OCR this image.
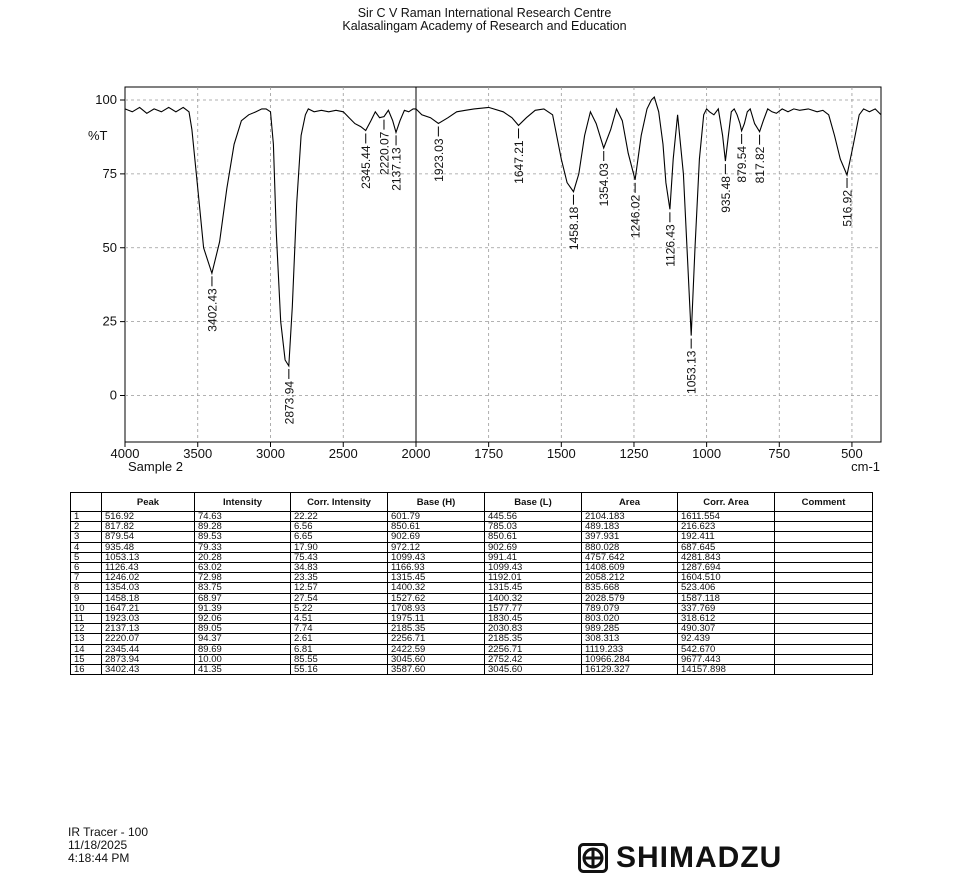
Sir C V Raman International Research Centre
Kalasalingam Academy of Research and Education
100
75
50
25
0
4000	3500	3000	2500	2000	1750	1500	1250	1000	750	500
%T
Sample 2	cm-1
3402.43
2873.94
2345.44 2220.07
2137.13 1923.03	1647.21
1458.18
1354.03
1246.02
1126.43
1053.13
935.48
879.54 817.82
516.92
	Peak	Intensity	Corr. Intensity	Base (H)	Base (L)	Area	Corr. Area	Comment
1	516.92	74.63	22.22	601.79	445.56	2104.183	1611.554	
2	817.82	89.28	6.56	850.61	785.03	489.183	216.623	
3	879.54	89.53	6.65	902.69	850.61	397.931	192.411	
4	935.48	79.33	17.90	972.12	902.69	880.028	687.645	
5	1053.13	20.28	75.43	1099.43	991.41	4757.642	4281.843	
6	1126.43	63.02	34.83	1166.93	1099.43	1408.609	1287.694	
7	1246.02	72.98	23.35	1315.45	1192.01	2058.212	1604.510	
8	1354.03	83.75	12.57	1400.32	1315.45	835.668	523.406	
9	1458.18	68.97	27.54	1527.62	1400.32	2028.579	1587.118	
10	1647.21	91.39	5.22	1708.93	1577.77	789.079	337.769	
11	1923.03	92.06	4.51	1975.11	1830.45	803.020	318.612	
12	2137.13	89.05	7.74	2185.35	2030.83	989.285	490.307	
13	2220.07	94.37	2.61	2256.71	2185.35	308.313	92.439	
14	2345.44	89.69	6.81	2422.59	2256.71	1119.233	542.670	
15	2873.94	10.00	85.55	3045.60	2752.42	10966.284	9677.443	
16	3402.43	41.35	55.16	3587.60	3045.60	16129.327	14157.898	
IR Tracer - 100
11/18/2025
4:18:44 PM	SHIMADZU
